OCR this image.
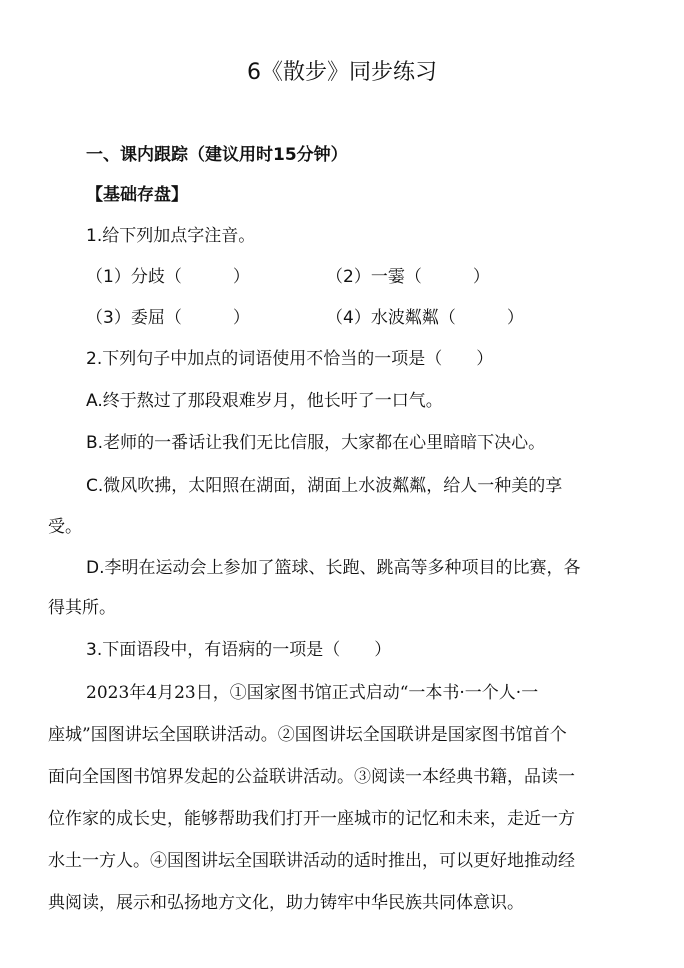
6《散步》同步练习
一、课内跟踪（建议用时15分钟）
【基础存盘】
1.给下列加点字注音。
（1）分歧（　　　）	（2）一霎（　　　）
（3）委屈（　　　）	（4）水波粼粼（　　　）
2.下列句子中加点的词语使用不恰当的一项是（　　）
A.终于熬过了那段艰难岁月，他长吁了一口气。
B.老师的一番话让我们无比信服，大家都在心里暗暗下决心。
C.微风吹拂，太阳照在湖面，湖面上水波粼粼，给人一种美的享
受。
D.李明在运动会上参加了篮球、长跑、跳高等多种项目的比赛，各
得其所。
3.下面语段中，有语病的一项是（　　）
2023年4月23日，①国家图书馆正式启动“一本书·一个人·一
座城”国图讲坛全国联讲活动。②国图讲坛全国联讲是国家图书馆首个
面向全国图书馆界发起的公益联讲活动。③阅读一本经典书籍，品读一
位作家的成长史，能够帮助我们打开一座城市的记忆和未来，走近一方
水土一方人。④国图讲坛全国联讲活动的适时推出，可以更好地推动经
典阅读，展示和弘扬地方文化，助力铸牢中华民族共同体意识。
